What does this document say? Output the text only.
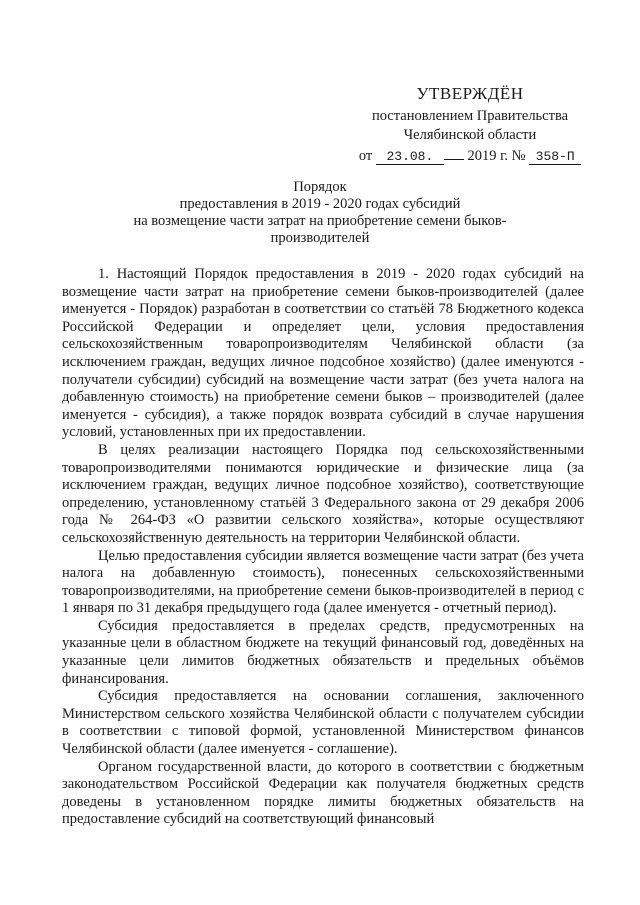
УТВЕРЖДЁН
постановлением Правительства
Челябинской области
от 23.08. 2019 г. № 358-П
Порядок
предоставления в 2019 - 2020 годах субсидий
на возмещение части затрат на приобретение семени быков-
производителей

1. Настоящий Порядок предоставления в 2019 - 2020 годах субсидий на возмещение части затрат на приобретение семени быков-производителей (далее именуется - Порядок) разработан в соответствии со статьёй 78 Бюджетного кодекса Российской Федерации и определяет цели, условия предоставления сельскохозяйственным товаропроизводителям Челябинской области (за исключением граждан, ведущих личное подсобное хозяйство) (далее именуются - получатели субсидии) субсидий на возмещение части затрат (без учета налога на добавленную стоимость) на приобретение семени быков – производителей (далее именуется - субсидия), а также порядок возврата субсидий в случае нарушения условий, установленных при их предоставлении.

В целях реализации настоящего Порядка под сельскохозяйственными товаропроизводителями понимаются юридические и физические лица (за исключением граждан, ведущих личное подсобное хозяйство), соответствующие определению, установленному статьёй 3 Федерального закона от 29 декабря 2006 года № 264-ФЗ «О развитии сельского хозяйства», которые осуществляют сельскохозяйственную деятельность на территории Челябинской области.

Целью предоставления субсидии является возмещение части затрат (без учета налога на добавленную стоимость), понесенных сельскохозяйственными товаропроизводителями, на приобретение семени быков-производителей в период с 1 января по 31 декабря предыдущего года (далее именуется - отчетный период).

Субсидия предоставляется в пределах средств, предусмотренных на указанные цели в областном бюджете на текущий финансовый год, доведённых на указанные цели лимитов бюджетных обязательств и предельных объёмов финансирования.

Субсидия предоставляется на основании соглашения, заключенного Министерством сельского хозяйства Челябинской области с получателем субсидии в соответствии с типовой формой, установленной Министерством финансов Челябинской области (далее именуется - соглашение).

Органом государственной власти, до которого в соответствии с бюджетным законодательством Российской Федерации как получателя бюджетных средств доведены в установленном порядке лимиты бюджетных обязательств на предоставление субсидий на соответствующий финансовый
